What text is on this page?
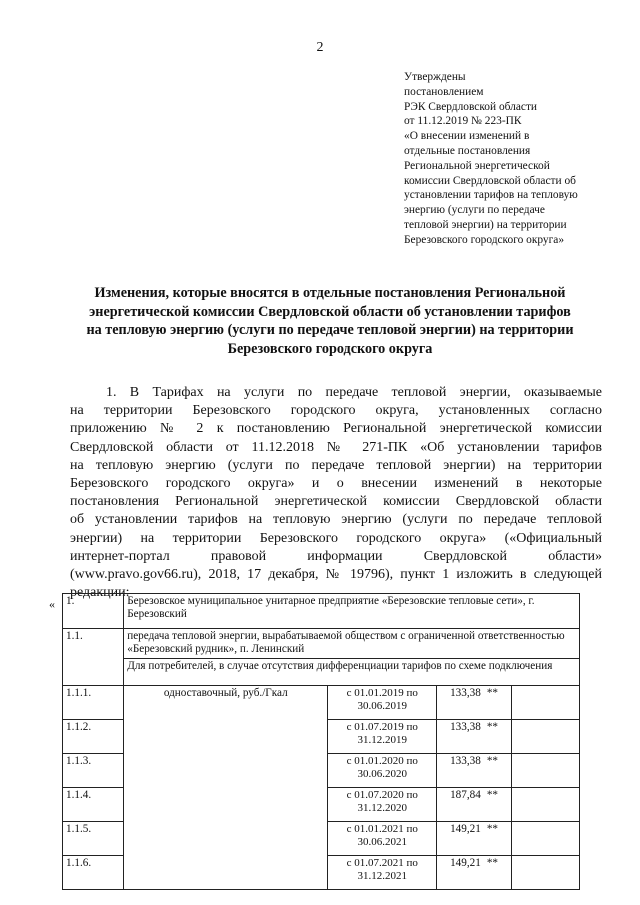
2
Утверждены
постановлением
РЭК Свердловской области
от 11.12.2019 № 223-ПК
«О внесении изменений в
отдельные постановления
Региональной энергетической
комиссии Свердловской области об
установлении тарифов на тепловую
энергию (услуги по передаче
тепловой энергии) на территории
Березовского городского округа»
Изменения, которые вносятся в отдельные постановления Региональной
энергетической комиссии Свердловской области об установлении тарифов
на тепловую энергию (услуги по передаче тепловой энергии) на территории
Березовского городского округа
1. В Тарифах на услуги по передаче тепловой энергии, оказываемые
на территории Березовского городского округа, установленных согласно
приложению № 2 к постановлению Региональной энергетической комиссии
Свердловской области от 11.12.2018 № 271-ПК «Об установлении тарифов
на тепловую энергию (услуги по передаче тепловой энергии) на территории
Березовского городского округа» и о внесении изменений в некоторые
постановления Региональной энергетической комиссии Свердловской области
об установлении тарифов на тепловую энергию (услуги по передаче тепловой
энергии) на территории Березовского городского округа» («Официальный
интернет-портал правовой информации Свердловской области»
(www.pravo.gov66.ru), 2018, 17 декабря, № 19796), пункт 1 изложить в следующей
редакции:
« 1.	Березовское муниципальное унитарное предприятие «Березовские тепловые сети», г. Березовский			
1.1.	передача тепловой энергии, вырабатываемой обществом с ограниченной ответственностью «Березовский рудник», п. Ленинский			
	Для потребителей, в случае отсутствия дифференциации тарифов по схеме подключения			
1.1.1.	одноставочный, руб./Гкал	с 01.01.2019 по 30.06.2019	133,38 **	
1.1.2.		с 01.07.2019 по 31.12.2019	133,38 **	
1.1.3.		с 01.01.2020 по 30.06.2020	133,38 **	
1.1.4.		с 01.07.2020 по 31.12.2020	187,84 **	
1.1.5.		с 01.01.2021 по 30.06.2021	149,21 **	
1.1.6.		с 01.07.2021 по 31.12.2021	149,21 **	
